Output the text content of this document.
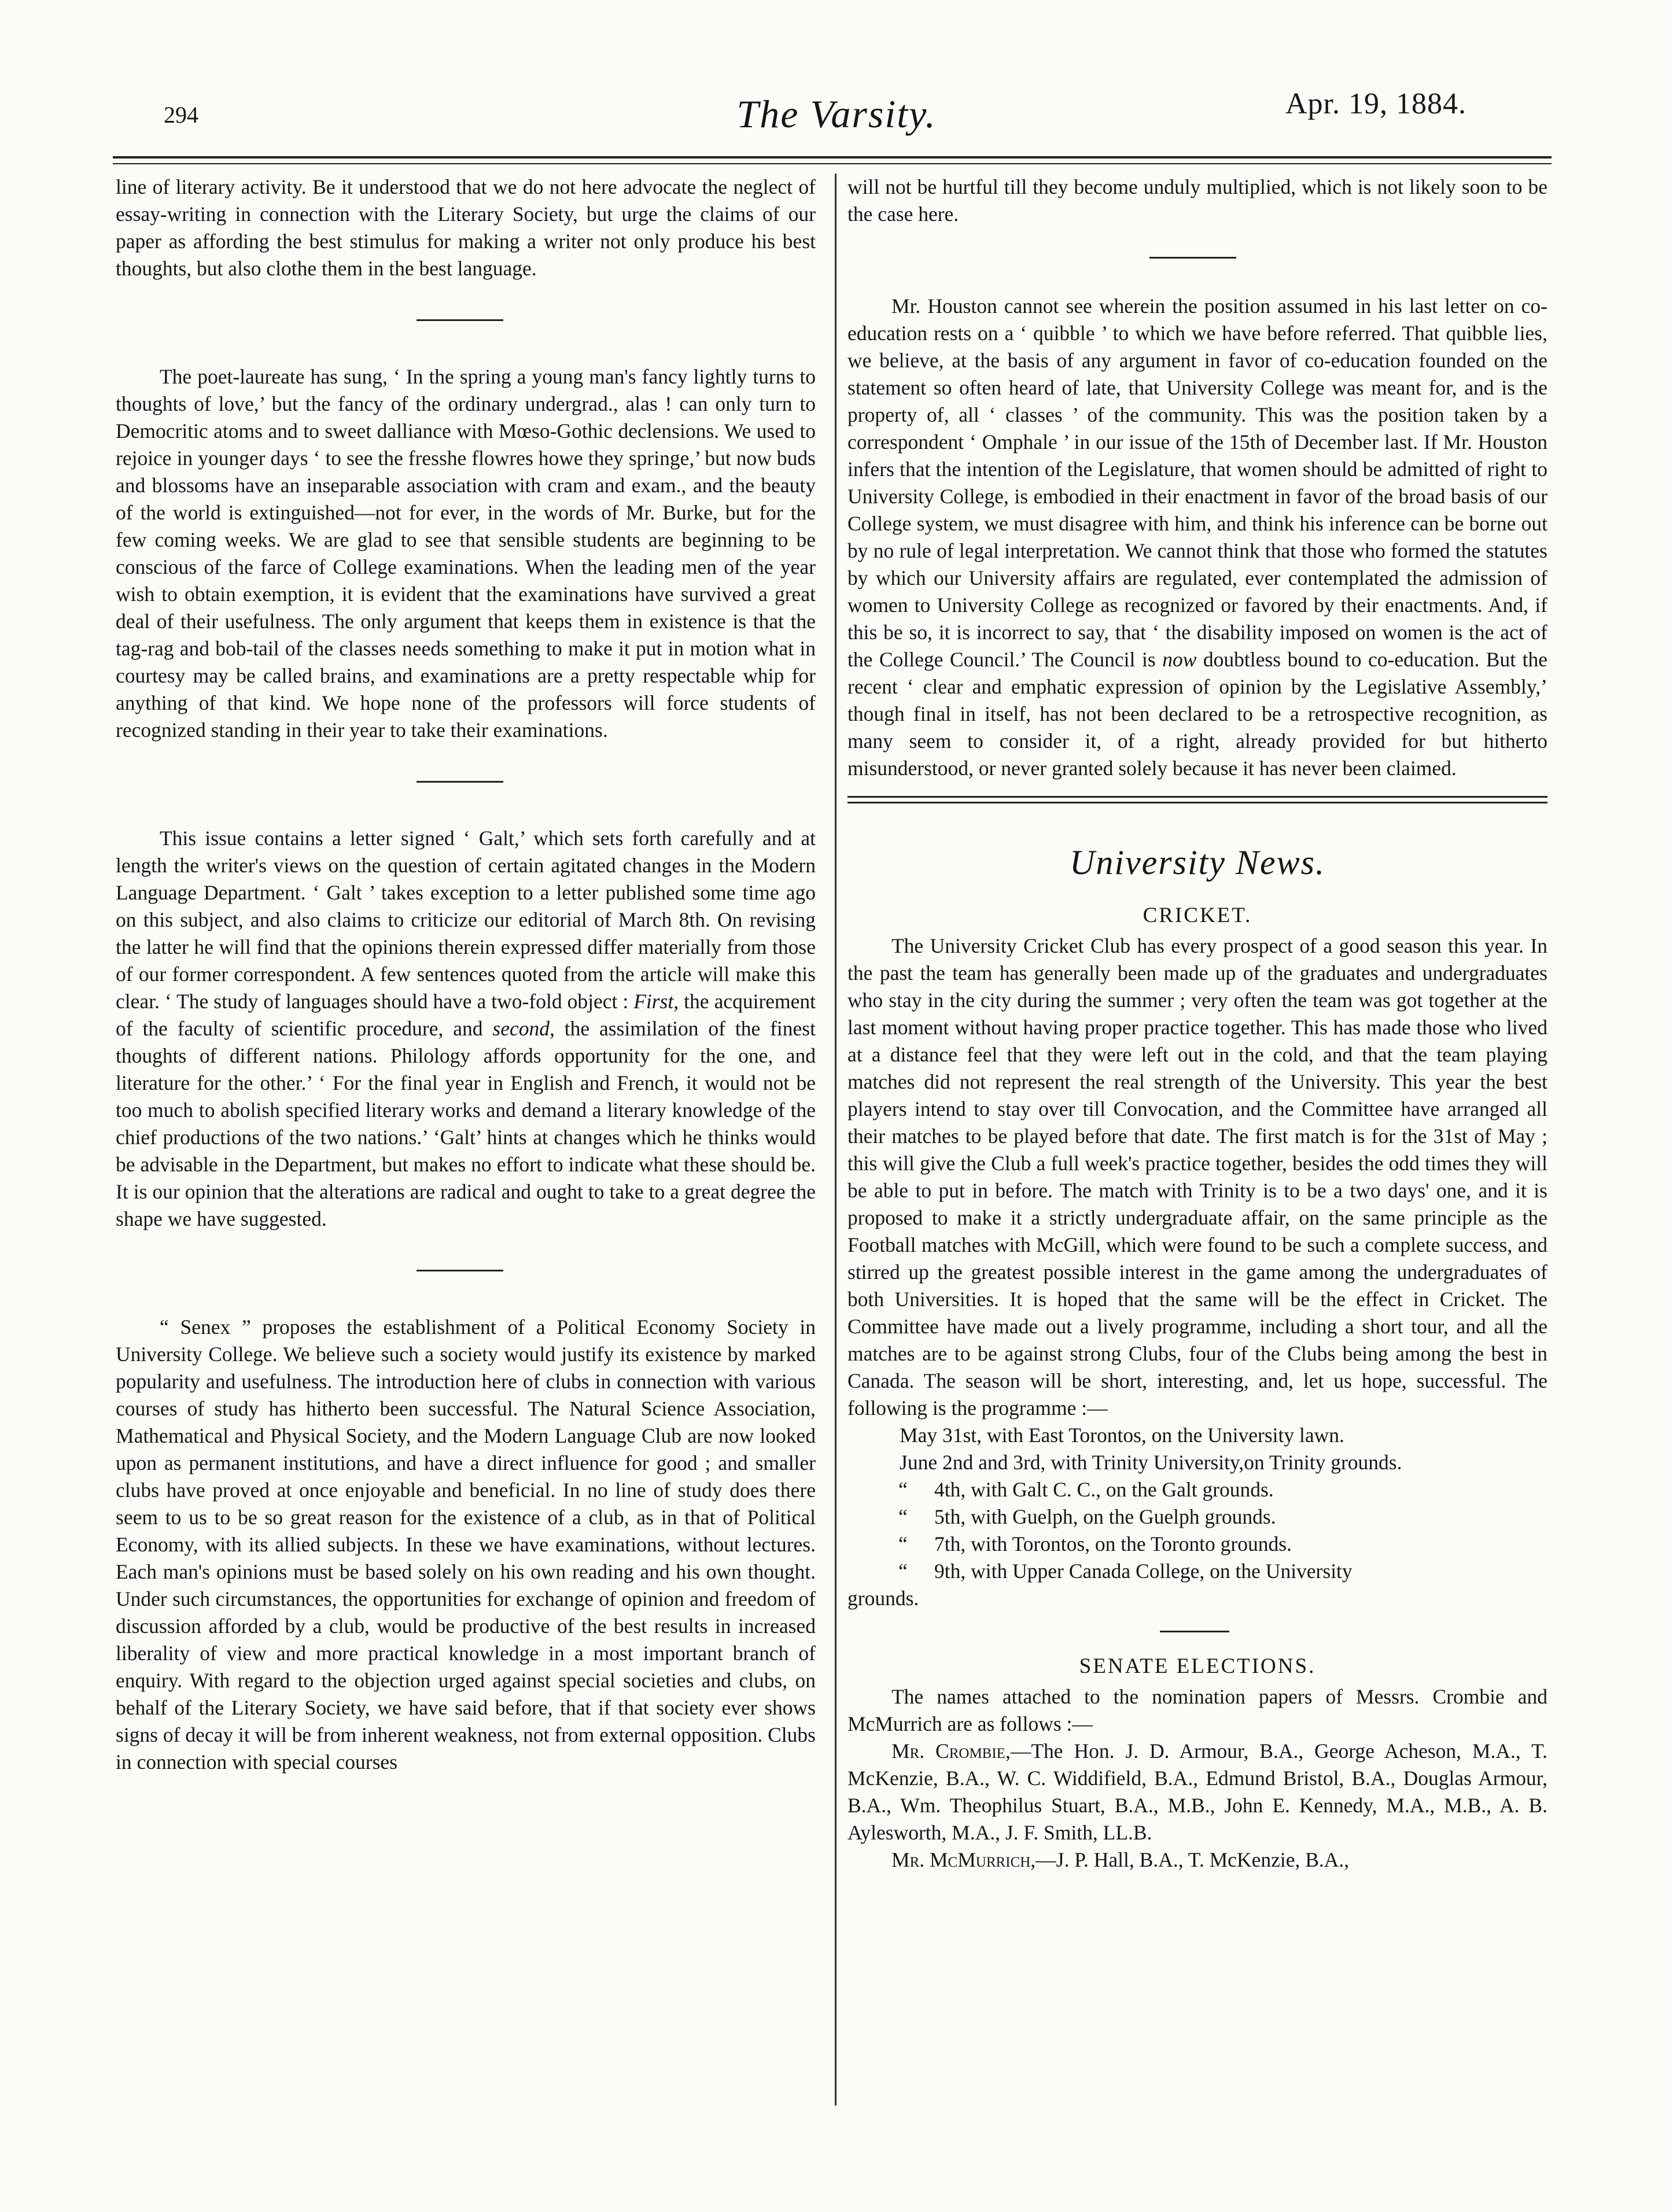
294	The Varsity.	Apr. 19, 1884.

line of literary activity. Be it understood that we do not here advocate the neglect of essay-writing in connection with the Literary Society, but urge the claims of our paper as affording the best stimulus for making a writer not only produce his best thoughts, but also clothe them in the best language.

The poet-laureate has sung, ‘ In the spring a young man's fancy lightly turns to thoughts of love,’ but the fancy of the ordinary undergrad., alas ! can only turn to Democritic atoms and to sweet dalliance with Mœso-Gothic declensions. We used to rejoice in younger days ‘ to see the fresshe flowres howe they springe,’ but now buds and blossoms have an inseparable association with cram and exam., and the beauty of the world is extinguished—not for ever, in the words of Mr. Burke, but for the few coming weeks. We are glad to see that sensible students are beginning to be conscious of the farce of College examinations. When the leading men of the year wish to obtain exemption, it is evident that the examinations have survived a great deal of their usefulness. The only argument that keeps them in existence is that the tag-rag and bob-tail of the classes needs something to make it put in motion what in courtesy may be called brains, and examinations are a pretty respectable whip for anything of that kind. We hope none of the professors will force students of recognized standing in their year to take their examinations.

This issue contains a letter signed ‘ Galt,’ which sets forth carefully and at length the writer's views on the question of certain agitated changes in the Modern Language Department. ‘ Galt ’ takes exception to a letter published some time ago on this subject, and also claims to criticize our editorial of March 8th. On revising the latter he will find that the opinions therein expressed differ materially from those of our former correspondent. A few sentences quoted from the article will make this clear. ‘ The study of languages should have a two-fold object : First, the acquirement of the faculty of scientific procedure, and second, the assimilation of the finest thoughts of different nations. Philology affords opportunity for the one, and literature for the other.’ ‘ For the final year in English and French, it would not be too much to abolish specified literary works and demand a literary knowledge of the chief productions of the two nations.’ ‘Galt’ hints at changes which he thinks would be advisable in the Department, but makes no effort to indicate what these should be. It is our opinion that the alterations are radical and ought to take to a great degree the shape we have suggested.

“ Senex ” proposes the establishment of a Political Economy Society in University College. We believe such a society would justify its existence by marked popularity and usefulness. The introduction here of clubs in connection with various courses of study has hitherto been successful. The Natural Science Association, Mathematical and Physical Society, and the Modern Language Club are now looked upon as permanent institutions, and have a direct influence for good ; and smaller clubs have proved at once enjoyable and beneficial. In no line of study does there seem to us to be so great reason for the existence of a club, as in that of Political Economy, with its allied subjects. In these we have examinations, without lectures. Each man's opinions must be based solely on his own reading and his own thought. Under such circumstances, the opportunities for exchange of opinion and freedom of discussion afforded by a club, would be productive of the best results in increased liberality of view and more practical knowledge in a most important branch of enquiry. With regard to the objection urged against special societies and clubs, on behalf of the Literary Society, we have said before, that if that society ever shows signs of decay it will be from inherent weakness, not from external opposition. Clubs in connection with special courses

will not be hurtful till they become unduly multiplied, which is not likely soon to be the case here.

Mr. Houston cannot see wherein the position assumed in his last letter on co-education rests on a ‘ quibble ’ to which we have before referred. That quibble lies, we believe, at the basis of any argument in favor of co-education founded on the statement so often heard of late, that University College was meant for, and is the property of, all ‘ classes ’ of the community. This was the position taken by a correspondent ‘ Omphale ’ in our issue of the 15th of December last. If Mr. Houston infers that the intention of the Legislature, that women should be admitted of right to University College, is embodied in their enactment in favor of the broad basis of our College system, we must disagree with him, and think his inference can be borne out by no rule of legal interpretation. We cannot think that those who formed the statutes by which our University affairs are regulated, ever contemplated the admission of women to University College as recognized or favored by their enactments. And, if this be so, it is incorrect to say, that ‘ the disability imposed on women is the act of the College Council.’ The Council is now doubtless bound to co-education. But the recent ‘ clear and emphatic expression of opinion by the Legislative Assembly,’ though final in itself, has not been declared to be a retrospective recognition, as many seem to consider it, of a right, already provided for but hitherto misunderstood, or never granted solely because it has never been claimed.

University News.
CRICKET.

The University Cricket Club has every prospect of a good season this year. In the past the team has generally been made up of the graduates and undergraduates who stay in the city during the summer ; very often the team was got together at the last moment without having proper practice together. This has made those who lived at a distance feel that they were left out in the cold, and that the team playing matches did not represent the real strength of the University. This year the best players intend to stay over till Convocation, and the Committee have arranged all their matches to be played before that date. The first match is for the 31st of May ; this will give the Club a full week's practice together, besides the odd times they will be able to put in before. The match with Trinity is to be a two days' one, and it is proposed to make it a strictly undergraduate affair, on the same principle as the Football matches with McGill, which were found to be such a complete success, and stirred up the greatest possible interest in the game among the undergraduates of both Universities. It is hoped that the same will be the effect in Cricket. The Committee have made out a lively programme, including a short tour, and all the matches are to be against strong Clubs, four of the Clubs being among the best in Canada. The season will be short, interesting, and, let us hope, successful. The following is the programme :—

May 31st, with East Torontos, on the University lawn.

June 2nd and 3rd, with Trinity University,on Trinity grounds.

“ 4th, with Galt C. C., on the Galt grounds.

“ 5th, with Guelph, on the Guelph grounds.

“ 7th, with Torontos, on the Toronto grounds.

“ 9th, with Upper Canada College, on the University

grounds.

SENATE ELECTIONS.

The names attached to the nomination papers of Messrs. Crombie and McMurrich are as follows :—

Mr. Crombie,—The Hon. J. D. Armour, B.A., George Acheson, M.A., T. McKenzie, B.A., W. C. Widdifield, B.A., Edmund Bristol, B.A., Douglas Armour, B.A., Wm. Theophilus Stuart, B.A., M.B., John E. Kennedy, M.A., M.B., A. B. Aylesworth, M.A., J. F. Smith, LL.B.

Mr. McMurrich,—J. P. Hall, B.A., T. McKenzie, B.A.,
